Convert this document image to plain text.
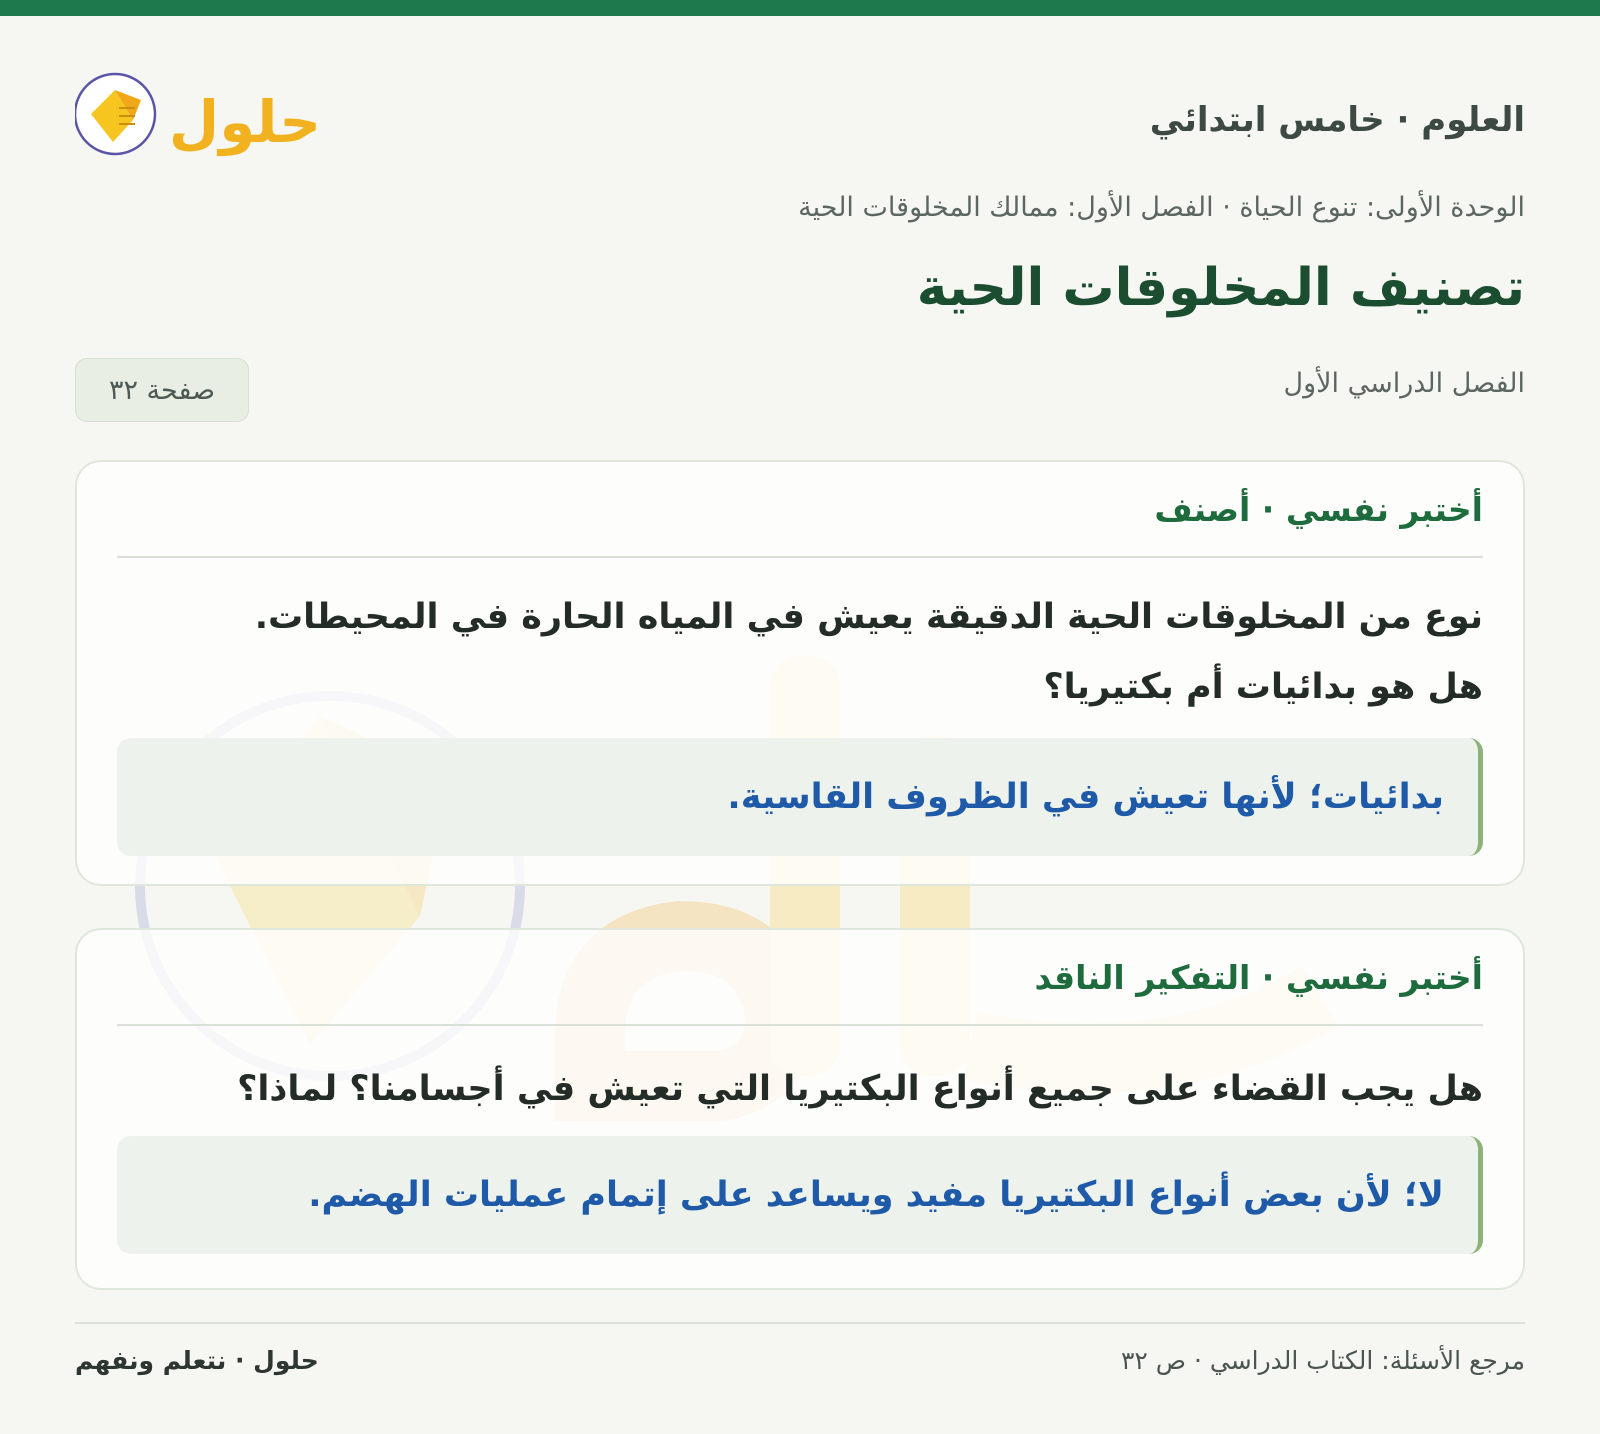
العلوم · خامس ابتدائي
حلول
الوحدة الأولى: تنوع الحياة · الفصل الأول: ممالك المخلوقات الحية
تصنيف المخلوقات الحية
الفصل الدراسي الأول
صفحة ٣٢
أختبر نفسي · أصنف
نوع من المخلوقات الحية الدقيقة يعيش في المياه الحارة في المحيطات.
هل هو بدائيات أم بكتيريا؟
بدائيات؛ لأنها تعيش في الظروف القاسية.
أختبر نفسي · التفكير الناقد
هل يجب القضاء على جميع أنواع البكتيريا التي تعيش في أجسامنا؟ لماذا؟
لا؛ لأن بعض أنواع البكتيريا مفيد ويساعد على إتمام عمليات الهضم.
مرجع الأسئلة: الكتاب الدراسي · ص ٣٢
حلول · نتعلم ونفهم
